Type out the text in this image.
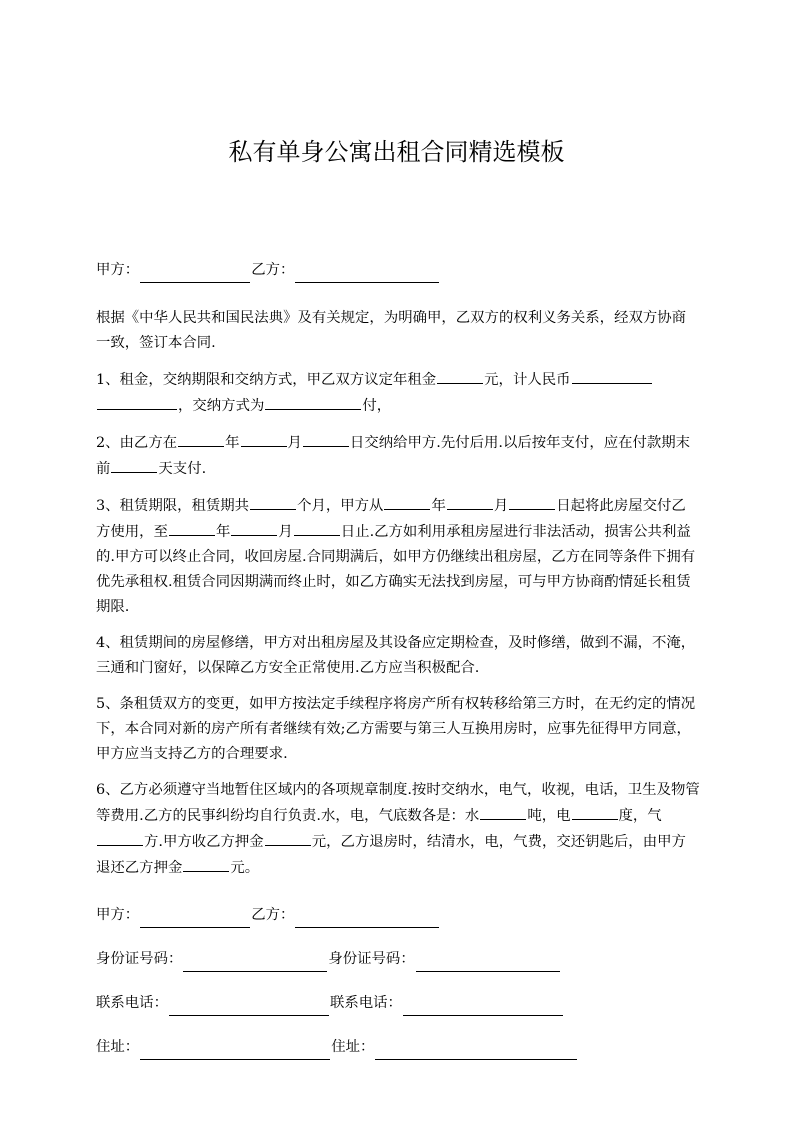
私有单身公寓出租合同精选模板

甲方：	乙方：

根据《中华人民共和国民法典》及有关规定，为明确甲，乙双方的权利义务关系，经双方协商一致，签订本合同.

1、租金，交纳期限和交纳方式，甲乙双方议定年租金	元，计人民币，交纳方式为	付，

2、由乙方在	年	月	日交纳给甲方.先付后用.以后按年支付，应在付款期末前	天支付.

3、租赁期限，租赁期共	个月，甲方从	年	月	日起将此房屋交付乙方使用，至	年	月	日止.乙方如利用承租房屋进行非法活动，损害公共利益的.甲方可以终止合同，收回房屋.合同期满后，如甲方仍继续出租房屋，乙方在同等条件下拥有优先承租权.租赁合同因期满而终止时，如乙方确实无法找到房屋，可与甲方协商酌情延长租赁期限.

4、租赁期间的房屋修缮，甲方对出租房屋及其设备应定期检查，及时修缮，做到不漏，不淹，三通和门窗好，以保障乙方安全正常使用.乙方应当积极配合.

5、条租赁双方的变更，如甲方按法定手续程序将房产所有权转移给第三方时，在无约定的情况下，本合同对新的房产所有者继续有效;乙方需要与第三人互换用房时，应事先征得甲方同意，甲方应当支持乙方的合理要求.

6、乙方必须遵守当地暂住区域内的各项规章制度.按时交纳水，电气，收视，电话，卫生及物管等费用.乙方的民事纠纷均自行负责.水，电，气底数各是：水	吨，电	度，气方.甲方收乙方押金	元，乙方退房时，结清水，电，气费，交还钥匙后，由甲方退还乙方押金	元。

甲方：	乙方：

身份证号码：	身份证号码：

联系电话：	联系电话：

住址：	住址：
